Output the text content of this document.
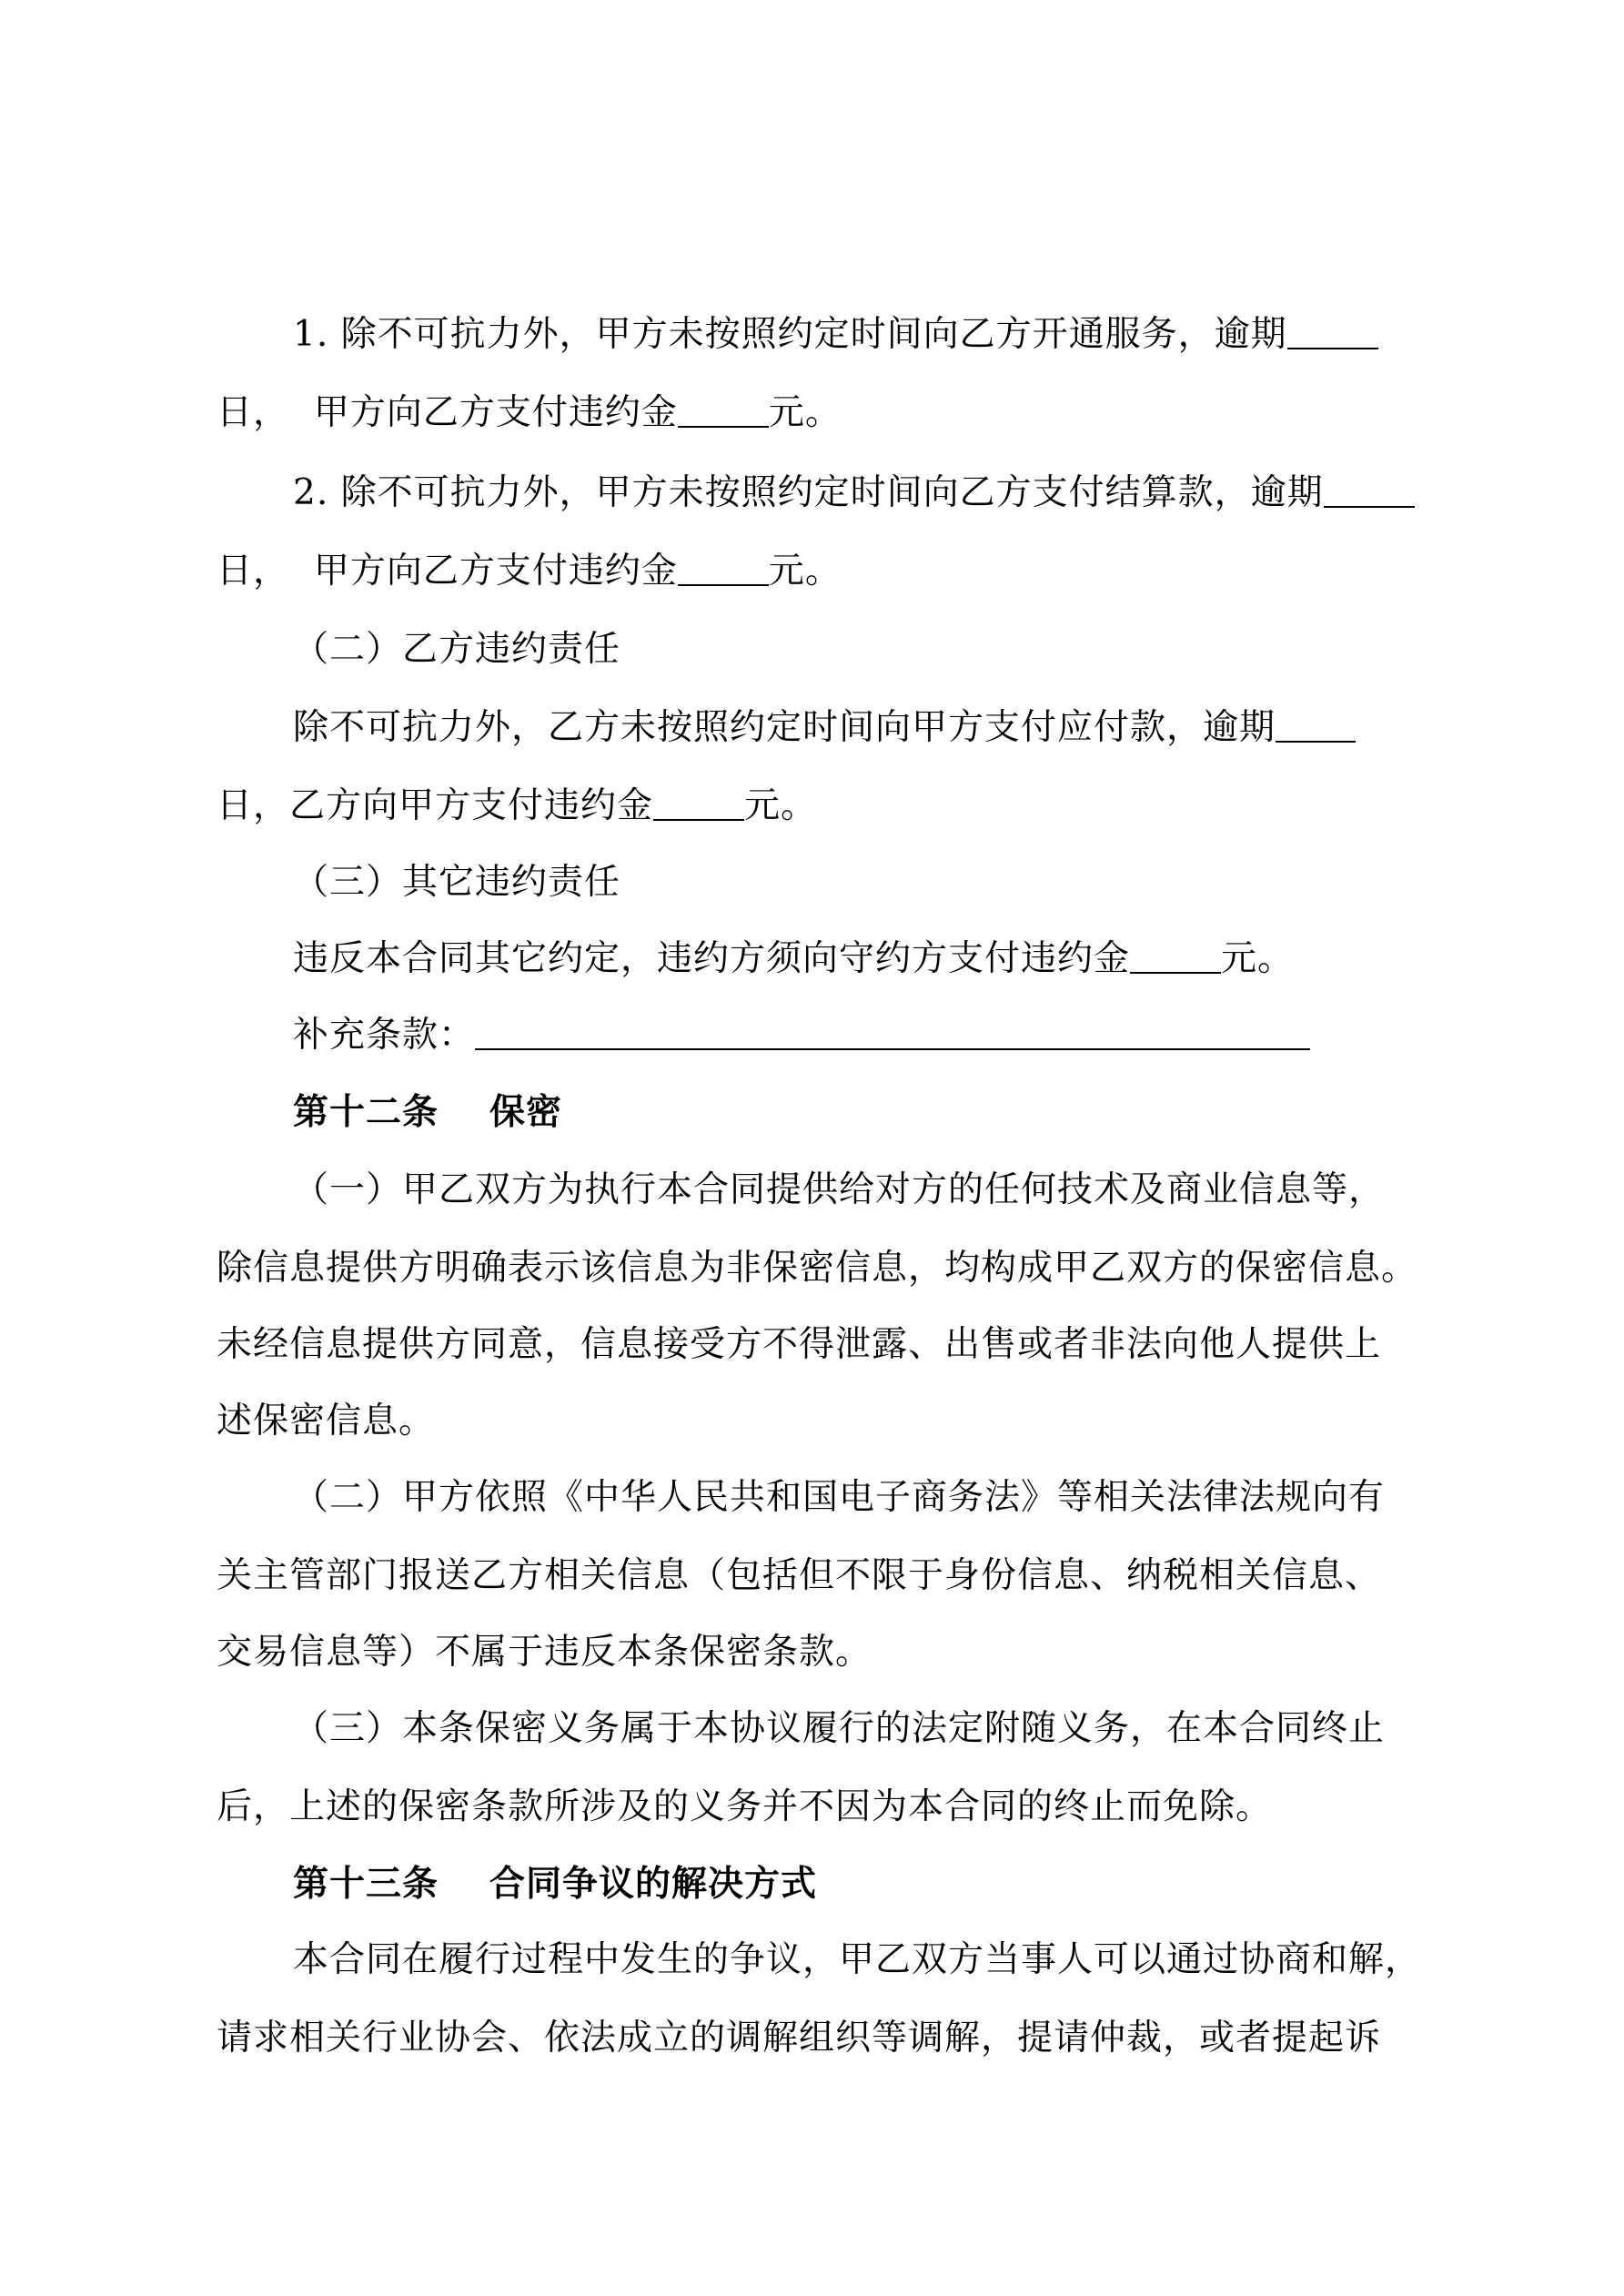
1. 除不可抗力外，甲方未按照约定时间向乙方开通服务，逾期
日， 甲方向乙方支付违约金	元。
2. 除不可抗力外，甲方未按照约定时间向乙方支付结算款，逾期
日， 甲方向乙方支付违约金	元。
（二）乙方违约责任
除不可抗力外，乙方未按照约定时间向甲方支付应付款，逾期
日，乙方向甲方支付违约金	元。
（三）其它违约责任
违反本合同其它约定，违约方须向守约方支付违约金	元。
补充条款：
第十二条 保密
（一）甲乙双方为执行本合同提供给对方的任何技术及商业信息等，
除信息提供方明确表示该信息为非保密信息，均构成甲乙双方的保密信息。
未经信息提供方同意，信息接受方不得泄露、出售或者非法向他人提供上
述保密信息。
（二）甲方依照《中华人民共和国电子商务法》等相关法律法规向有
关主管部门报送乙方相关信息（包括但不限于身份信息、纳税相关信息、
交易信息等）不属于违反本条保密条款。
（三）本条保密义务属于本协议履行的法定附随义务，在本合同终止
后，上述的保密条款所涉及的义务并不因为本合同的终止而免除。
第十三条 合同争议的解决方式
本合同在履行过程中发生的争议，甲乙双方当事人可以通过协商和解，
请求相关行业协会、依法成立的调解组织等调解，提请仲裁，或者提起诉
